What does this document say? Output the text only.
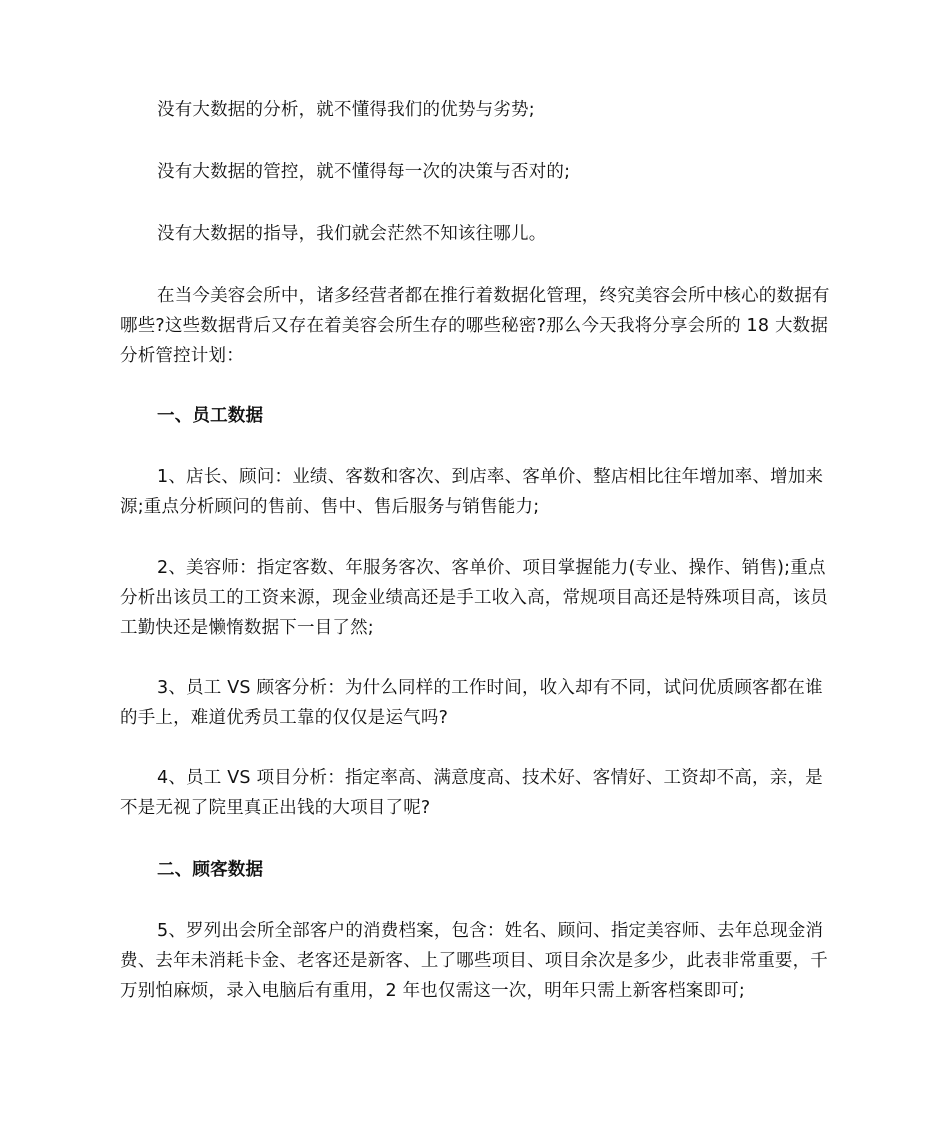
没有大数据的分析，就不懂得我们的优势与劣势;

没有大数据的管控，就不懂得每一次的决策与否对的;

没有大数据的指导，我们就会茫然不知该往哪儿。

在当今美容会所中，诸多经营者都在推行着数据化管理，终究美容会所中核心的数据有哪些?这些数据背后又存在着美容会所生存的哪些秘密?那么今天我将分享会所的 18 大数据分析管控计划：

一、员工数据

1、店长、顾问：业绩、客数和客次、到店率、客单价、整店相比往年增加率、增加来源;重点分析顾问的售前、售中、售后服务与销售能力;

2、美容师：指定客数、年服务客次、客单价、项目掌握能力(专业、操作、销售);重点分析出该员工的工资来源，现金业绩高还是手工收入高，常规项目高还是特殊项目高，该员工勤快还是懒惰数据下一目了然;

3、员工 VS 顾客分析：为什么同样的工作时间，收入却有不同，试问优质顾客都在谁的手上，难道优秀员工靠的仅仅是运气吗?

4、员工 VS 项目分析：指定率高、满意度高、技术好、客情好、工资却不高，亲，是不是无视了院里真正出钱的大项目了呢?

二、顾客数据

5、罗列出会所全部客户的消费档案，包含：姓名、顾问、指定美容师、去年总现金消费、去年未消耗卡金、老客还是新客、上了哪些项目、项目余次是多少，此表非常重要，千万别怕麻烦，录入电脑后有重用，2 年也仅需这一次，明年只需上新客档案即可;
